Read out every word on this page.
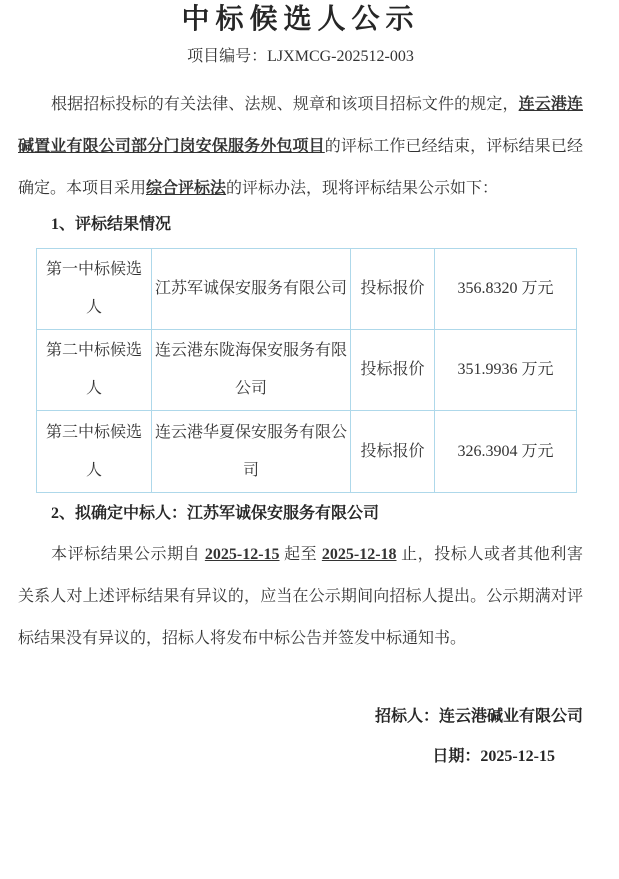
中标候选人公示
项目编号：LJXMCG-202512-003

根据招标投标的有关法律、法规、规章和该项目招标文件的规定，连云港连碱置业有限公司部分门岗安保服务外包项目的评标工作已经结束，评标结果已经确定。本项目采用综合评标法的评标办法，现将评标结果公示如下：

1、评标结果情况
第一中标候选人	江苏军诚保安服务有限公司	投标报价	356.8320 万元
第二中标候选人	连云港东陇海保安服务有限公司	投标报价	351.9936 万元
第三中标候选人	连云港华夏保安服务有限公司	投标报价	326.3904 万元
2、拟确定中标人：江苏军诚保安服务有限公司

本评标结果公示期自 2025-12-15 起至 2025-12-18 止，投标人或者其他利害关系人对上述评标结果有异议的，应当在公示期间向招标人提出。公示期满对评标结果没有异议的，招标人将发布中标公告并签发中标通知书。

招标人：连云港碱业有限公司
日期：2025-12-15
